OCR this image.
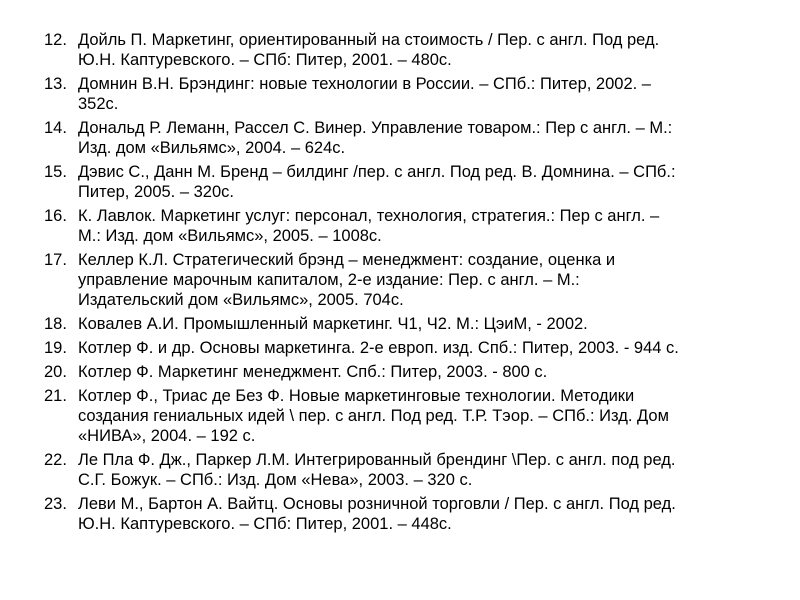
12. Дойль П. Маркетинг, ориентированный на стоимость / Пер. с англ. Под ред.
Ю.Н. Каптуревского. – СПб: Питер, 2001. – 480с.
13. Домнин В.Н. Брэндинг: новые технологии в России. – СПб.: Питер, 2002. –
352с.
14. Дональд Р. Леманн, Рассел С. Винер. Управление товаром.: Пер с англ. – М.:
Изд. дом «Вильямс», 2004. – 624с.
15. Дэвис С., Данн М. Бренд – билдинг /пер. с англ. Под ред. В. Домнина. – СПб.:
Питер, 2005. – 320с.
16. К. Лавлок. Маркетинг услуг: персонал, технология, стратегия.: Пер с англ. –
М.: Изд. дом «Вильямс», 2005. – 1008с.
17. Келлер К.Л. Стратегический брэнд – менеджмент: создание, оценка и
управление марочным капиталом, 2-е издание: Пер. с англ. – М.:
Издательский дом «Вильямс», 2005. 704с.
18. Ковалев А.И. Промышленный маркетинг. Ч1, Ч2. М.: ЦэиМ, - 2002.
19. Котлер Ф. и др. Основы маркетинга. 2-е европ. изд. Спб.: Питер, 2003. - 944 с.
20. Котлер Ф. Маркетинг менеджмент. Спб.: Питер, 2003. - 800 с.
21. Котлер Ф., Триас де Без Ф. Новые маркетинговые технологии. Методики
создания гениальных идей \ пер. с англ. Под ред. Т.Р. Тэор. – СПб.: Изд. Дом
«НИВА», 2004. – 192 с.
22. Ле Пла Ф. Дж., Паркер Л.М. Интегрированный брендинг \Пер. с англ. под ред.
С.Г. Божук. – СПб.: Изд. Дом «Нева», 2003. – 320 с.
23. Леви М., Бартон А. Вайтц. Основы розничной торговли / Пер. с англ. Под ред.
Ю.Н. Каптуревского. – СПб: Питер, 2001. – 448с.
